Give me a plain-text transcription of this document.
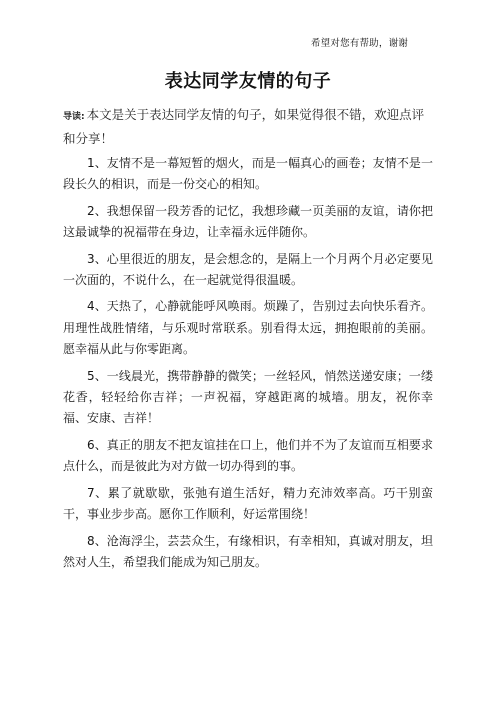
希望对您有帮助，谢谢
表达同学友情的句子
导读: 本文是关于表达同学友情的句子，如果觉得很不错，欢迎点评和分享！

1、友情不是一幕短暂的烟火，而是一幅真心的画卷；友情不是一段长久的相识，而是一份交心的相知。

2、我想保留一段芳香的记忆，我想珍藏一页美丽的友谊，请你把这最诚挚的祝福带在身边，让幸福永远伴随你。

3、心里很近的朋友，是会想念的，是隔上一个月两个月必定要见一次面的，不说什么，在一起就觉得很温暖。

4、天热了，心静就能呼风唤雨。烦躁了，告别过去向快乐看齐。用理性战胜情绪，与乐观时常联系。别看得太远，拥抱眼前的美丽。愿幸福从此与你零距离。

5、一线晨光，携带静静的微笑；一丝轻风，悄然送递安康；一缕花香，轻轻给你吉祥；一声祝福，穿越距离的城墙。朋友，祝你幸福、安康、吉祥！

6、真正的朋友不把友谊挂在口上，他们并不为了友谊而互相要求点什么，而是彼此为对方做一切办得到的事。

7、累了就歇歇，张弛有道生活好，精力充沛效率高。巧干别蛮干，事业步步高。愿你工作顺利，好运常围绕！

8、沧海浮尘，芸芸众生，有缘相识，有幸相知，真诚对朋友，坦然对人生，希望我们能成为知己朋友。
